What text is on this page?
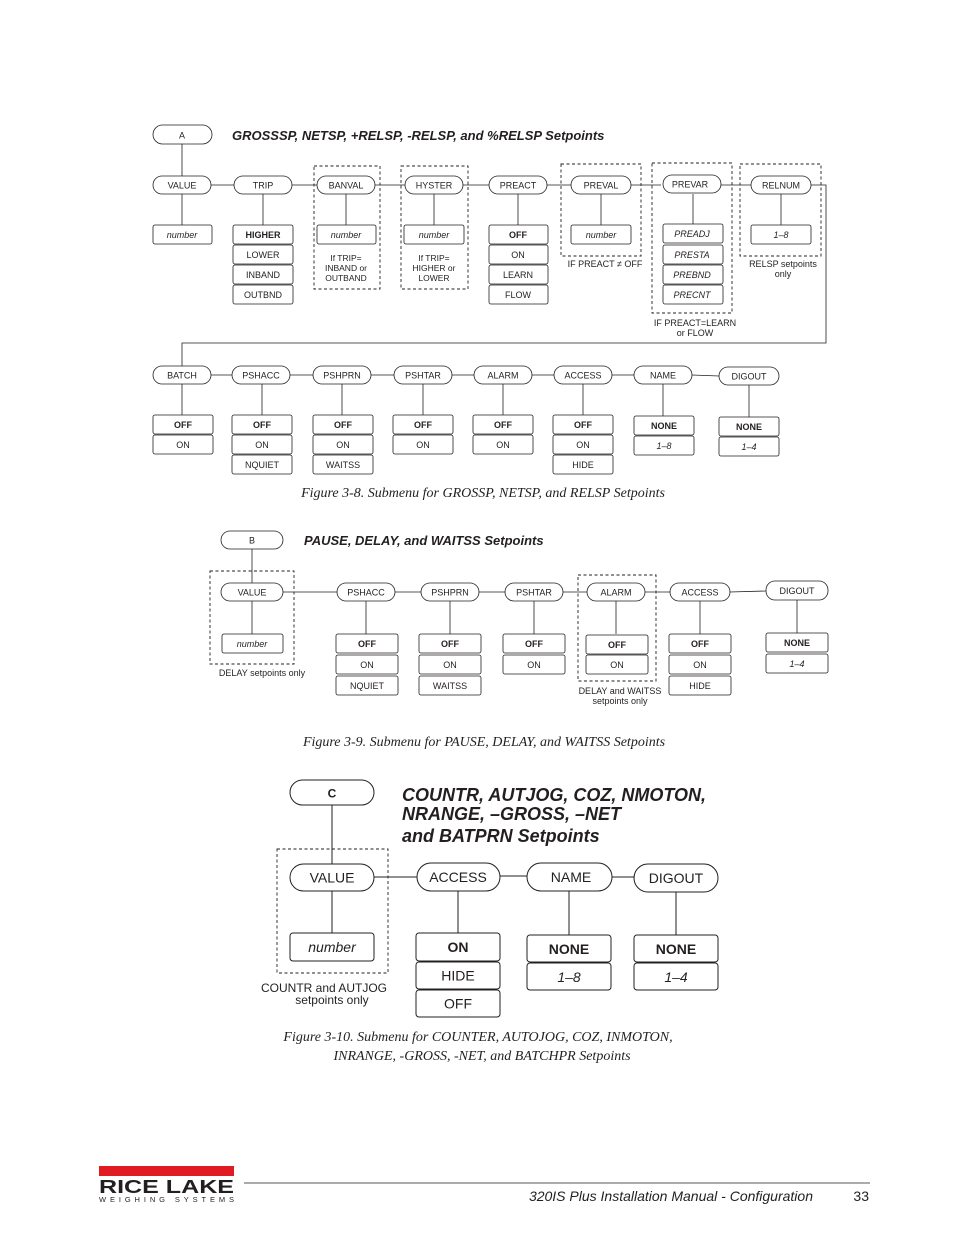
A	GROSSSP, NETSP, +RELSP, -RELSP, and %RELSP Setpoints
VALUE	TRIP	BANVAL	HYSTER	PREACT	PREVAL	PREVAR	RELNUM
number	HIGHER
LOWER
INBAND
OUTBND
number
If TRIP=
INBAND or
OUTBAND
number
If TRIP=
HIGHER or
LOWER
OFF
ON
LEARN
FLOW
number
IF PREACT ≠ OFF
PREADJ
PRESTA
PREBND
PRECNT
IF PREACT=LEARN
or FLOW
1–8
RELSP setpoints
only
BATCH	PSHACC	PSHPRN	PSHTAR	ALARM	ACCESS	NAME	DIGOUT
OFF
ON
OFF
ON
NQUIET
OFF
ON
WAITSS
OFF
ON
OFF
ON
OFF
ON
HIDE
NONE
1–8
NONE
1–4
Figure 3-8. Submenu for GROSSP, NETSP, and RELSP Setpoints
B	PAUSE, DELAY, and WAITSS Setpoints
VALUE	PSHACC	PSHPRN	PSHTAR	ALARM	ACCESS	DIGOUT
number
DELAY setpoints only
OFF
ON
NQUIET
OFF
ON
WAITSS
OFF
ON
OFF
ON
DELAY and WAITSS
setpoints only
OFF
ON
HIDE
NONE
1–4
Figure 3-9. Submenu for PAUSE, DELAY, and WAITSS Setpoints
C	COUNTR, AUTJOG, COZ, NMOTON,
NRANGE, –GROSS, –NET
and BATPRN Setpoints
VALUE	ACCESS	NAME	DIGOUT
number
COUNTR and AUTJOG
setpoints only
ON
HIDE
OFF
NONE
1–8
NONE
1–4
Figure 3-10. Submenu for COUNTER, AUTOJOG, COZ, INMOTON,
INRANGE, -GROSS, -NET, and BATCHPR Setpoints
RICE LAKE
WEIGHING SYSTEMS	320IS Plus Installation Manual - Configuration	33
